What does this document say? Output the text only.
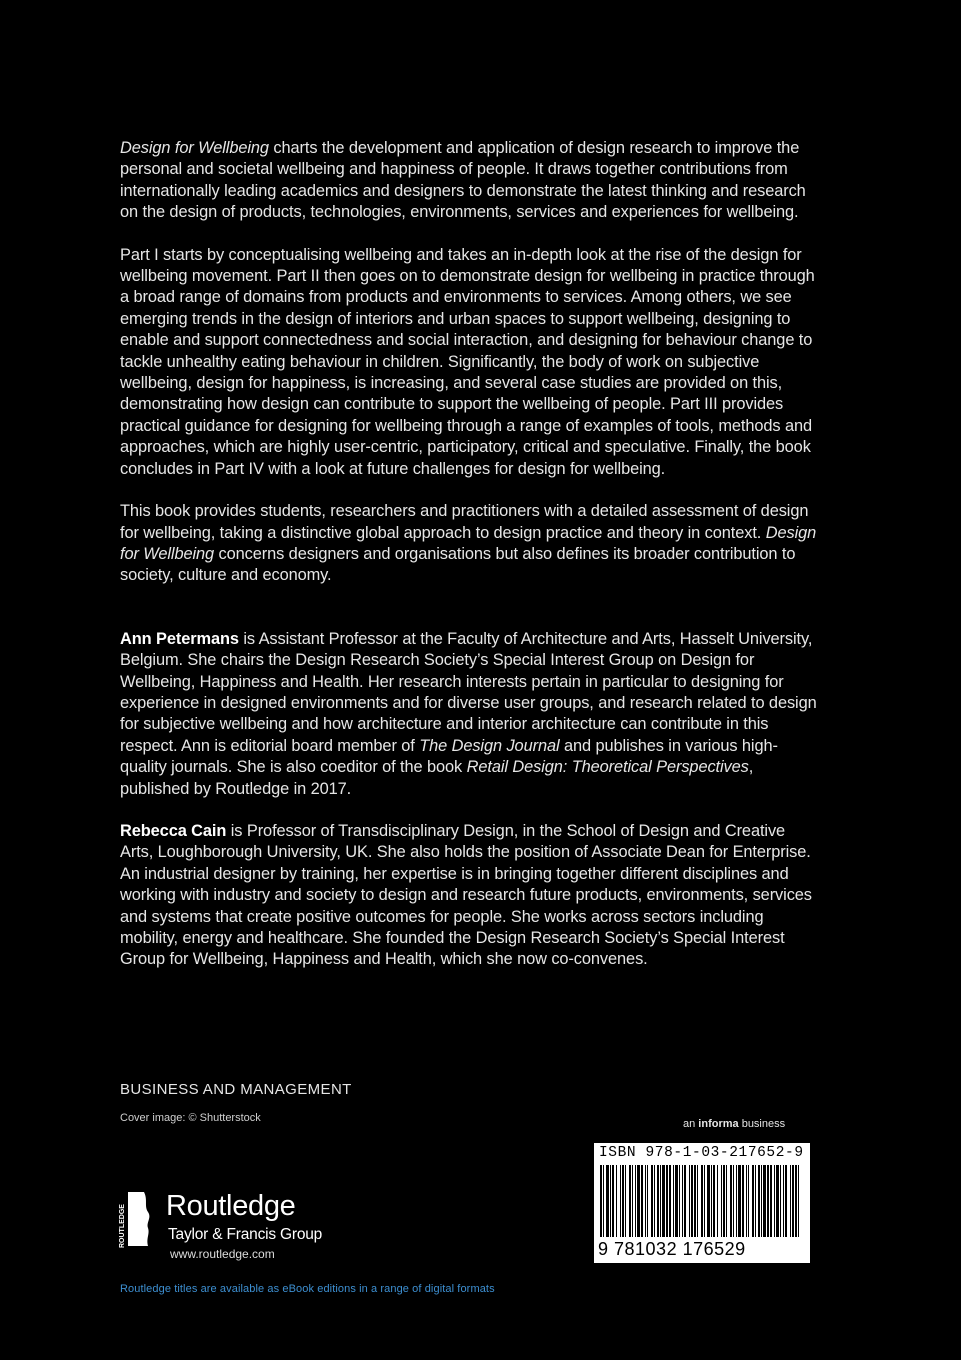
Design for Wellbeing charts the development and application of design research to improve the personal and societal wellbeing and happiness of people. It draws together contributions from internationally leading academics and designers to demonstrate the latest thinking and research on the design of products, technologies, environments, services and experiences for wellbeing.

Part I starts by conceptualising wellbeing and takes an in-depth look at the rise of the design for wellbeing movement. Part II then goes on to demonstrate design for wellbeing in practice through a broad range of domains from products and environments to services. Among others, we see emerging trends in the design of interiors and urban spaces to support wellbeing, designing to enable and support connectedness and social interaction, and designing for behaviour change to tackle unhealthy eating behaviour in children. Significantly, the body of work on subjective wellbeing, design for happiness, is increasing, and several case studies are provided on this, demonstrating how design can contribute to support the wellbeing of people. Part III provides practical guidance for designing for wellbeing through a range of examples of tools, methods and approaches, which are highly user-centric, participatory, critical and speculative. Finally, the book concludes in Part IV with a look at future challenges for design for wellbeing.

This book provides students, researchers and practitioners with a detailed assessment of design for wellbeing, taking a distinctive global approach to design practice and theory in context. Design for Wellbeing concerns designers and organisations but also defines its broader contribution to society, culture and economy.

Ann Petermans is Assistant Professor at the Faculty of Architecture and Arts, Hasselt University, Belgium. She chairs the Design Research Society’s Special Interest Group on Design for Wellbeing, Happiness and Health. Her research interests pertain in particular to designing for experience in designed environments and for diverse user groups, and research related to design for subjective wellbeing and how architecture and interior architecture can contribute in this respect. Ann is editorial board member of The Design Journal and publishes in various high-quality journals. She is also coeditor of the book Retail Design: Theoretical Perspectives, published by Routledge in 2017.

Rebecca Cain is Professor of Transdisciplinary Design, in the School of Design and Creative Arts, Loughborough University, UK. She also holds the position of Associate Dean for Enterprise. An industrial designer by training, her expertise is in bringing together different disciplines and working with industry and society to design and research future products, environments, services and systems that create positive outcomes for people. She works across sectors including mobility, energy and healthcare. She founded the Design Research Society’s Special Interest Group for Wellbeing, Happiness and Health, which she now co-convenes.

BUSINESS AND MANAGEMENT
Cover image: © Shutterstock	an informa business
ISBN 978-1-03-217652-9
9 781032 176529
ROUTLEDGE Routledge
Taylor & Francis Group
www.routledge.com
Routledge titles are available as eBook editions in a range of digital formats
